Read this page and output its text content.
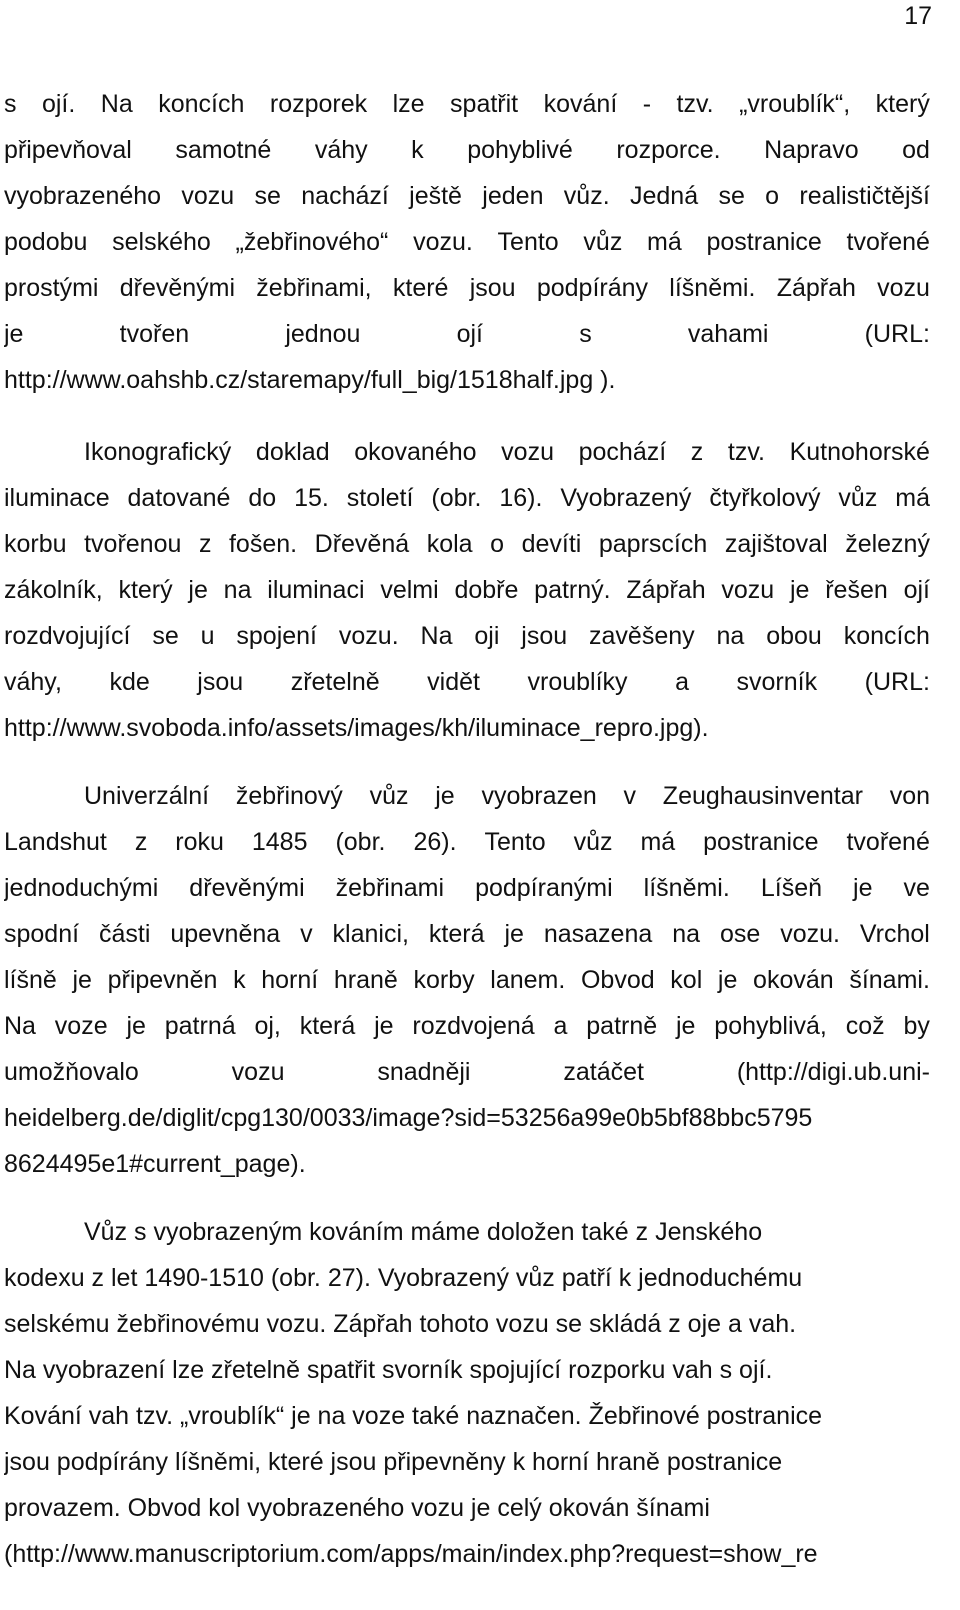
17
s ojí. Na koncích rozporek lze spatřit kování - tzv. „vroublík“, který
připevňoval samotné váhy k pohyblivé rozporce. Napravo od
vyobrazeného vozu se nachází ještě jeden vůz. Jedná se o realističtější
podobu selského „žebřinového“ vozu. Tento vůz má postranice tvořené
prostými dřevěnými žebřinami, které jsou podpírány líšněmi. Zápřah vozu
je	tvořen	jednou	ojí	s	vahami	(URL:
http://www.oahshb.cz/staremapy/full_big/1518half.jpg ).
Ikonografický doklad okovaného vozu pochází z tzv. Kutnohorské
iluminace datované do 15. století (obr. 16). Vyobrazený čtyřkolový vůz má
korbu tvořenou z fošen. Dřevěná kola o devíti paprscích zajištoval železný
zákolník, který je na iluminaci velmi dobře patrný. Zápřah vozu je řešen ojí
rozdvojující se u spojení vozu. Na oji jsou zavěšeny na obou koncích
váhy, kde jsou zřetelně vidět vroublíky a svorník (URL:
http://www.svoboda.info/assets/images/kh/iluminace_repro.jpg).
Univerzální žebřinový vůz je vyobrazen v Zeughausinventar von
Landshut z roku 1485 (obr. 26). Tento vůz má postranice tvořené
jednoduchými dřevěnými žebřinami podpíranými líšněmi. Líšeň je ve
spodní části upevněna v klanici, která je nasazena na ose vozu. Vrchol
líšně je připevněn k horní hraně korby lanem. Obvod kol je okován šínami.
Na voze je patrná oj, která je rozdvojená a patrně je pohyblivá, což by
umožňovalo	vozu	snadněji	zatáčet	(http://digi.ub.uni-
heidelberg.de/diglit/cpg130/0033/image?sid=53256a99e0b5bf88bbc5795
8624495e1#current_page).
Vůz s vyobrazeným kováním máme doložen také z Jenského
kodexu z let 1490-1510 (obr. 27). Vyobrazený vůz patří k jednoduchému
selskému žebřinovému vozu. Zápřah tohoto vozu se skládá z oje a vah.
Na vyobrazení lze zřetelně spatřit svorník spojující rozporku vah s ojí.
Kování vah tzv. „vroublík“ je na voze také naznačen. Žebřinové postranice
jsou podpírány líšněmi, které jsou připevněny k horní hraně postranice
provazem. Obvod kol vyobrazeného vozu je celý okován šínami
(http://www.manuscriptorium.com/apps/main/index.php?request=show_re
